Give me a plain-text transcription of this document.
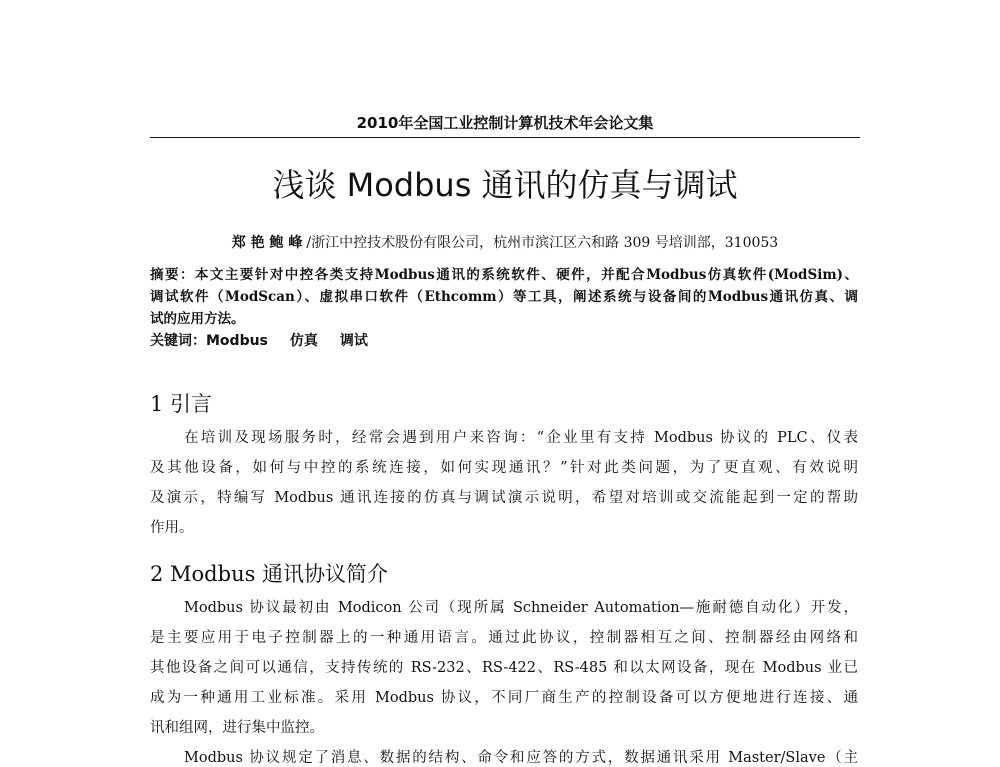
2010年全国工业控制计算机技术年会论文集
浅谈 Modbus 通讯的仿真与调试
郑 艳 鲍 峰 /浙江中控技术股份有限公司，杭州市滨江区六和路 309 号培训部，310053
摘要：本文主要针对中控各类支持Modbus通讯的系统软件、硬件，并配合Modbus仿真软件(ModSim)、
调试软件（ModScan）、虚拟串口软件（Ethcomm）等工具，阐述系统与设备间的Modbus通讯仿真、调
试的应用方法。
关键词：Modbus 仿真 调试
1 引言
在培训及现场服务时，经常会遇到用户来咨询：“企业里有支持 Modbus 协议的 PLC、仪表
及其他设备，如何与中控的系统连接，如何实现通讯？”针对此类问题，为了更直观、有效说明
及演示，特编写 Modbus 通讯连接的仿真与调试演示说明，希望对培训或交流能起到一定的帮助
作用。
2 Modbus 通讯协议简介
Modbus 协议最初由 Modicon 公司（现所属 Schneider Automation—施耐德自动化）开发，
是主要应用于电子控制器上的一种通用语言。通过此协议，控制器相互之间、控制器经由网络和
其他设备之间可以通信，支持传统的 RS-232、RS-422、RS-485 和以太网设备，现在 Modbus 业已
成为一种通用工业标准。采用 Modbus 协议，不同厂商生产的控制设备可以方便地进行连接、通
讯和组网，进行集中监控。
Modbus 协议规定了消息、数据的结构、命令和应答的方式，数据通讯采用 Master/Slave（主
